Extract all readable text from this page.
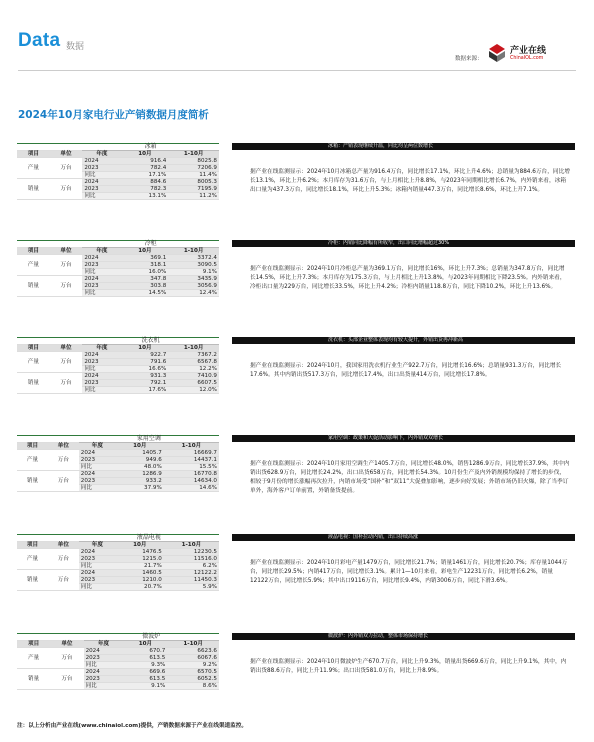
Data 数据
数据来源：
产业在线
ChinaIOL.com
2024年10月家电行业产销数据月度简析
		冰箱		
项目	单位	年度	10月	1-10月
产量	万台	2024	916.4	8025.8
		2023	782.4	7206.9
		同比	17.1%	11.4%
销量	万台	2024	884.6	8005.3
		2023	782.3	7195.9
		同比	13.1%	11.2%
冰箱：产销表现继续升温，同比均呈两位数增长
据产业在线监测显示：2024年10月冰箱总产量为916.4万台，同比增长17.1%，环比上升4.6%；总销量为884.6万台，同比增长13.1%，环比上升6.2%；本月库存为31.6万台，与上月相比上升8.8%，与2023年同期相比增长6.7%，内外销来看，冰箱出口量为437.3万台，同比增长18.1%，环比上升5.3%；冰箱内销量447.3万台，同比增长8.6%，环比上升7.1%。
		冷柜		
项目	单位	年度	10月	1-10月
产量	万台	2024	369.1	3372.4
		2023	318.1	3090.5
		同比	16.0%	9.1%
销量	万台	2024	347.8	3435.9
		2023	303.8	3056.9
		同比	14.5%	12.4%
冷柜：内销同比降幅有所收窄，出口同比增幅超过30%
据产业在线监测显示：2024年10月冷柜总产量为369.1万台，同比增长16%，环比上升7.3%；总销量为347.8万台，同比增长14.5%，环比上升7.3%；本月库存为175.3万台，与上月相比上升13.8%，与2023年同期相比下降23.5%。内外销来看，冷柜出口量为229万台，同比增长33.5%，环比上升4.2%；冷柜内销量118.8万台，同比下降10.2%，环比上升13.6%。
		洗衣机		
项目	单位	年度	10月	1-10月
产量	万台	2024	922.7	7367.2
		2023	791.6	6567.8
		同比	16.6%	12.2%
销量	万台	2024	931.3	7410.9
		2023	792.1	6607.5
		同比	17.6%	12.0%
洗衣机：头部企业整体表现均有较大提升，外销出货再冲新高
据产业在线监测显示：2024年10月，我国家用洗衣机行业生产922.7万台，同比增长16.6%；总销量931.3万台，同比增长17.6%。其中内销出货517.3万台，同比增长17.4%，出口出货量414万台，同比增长17.8%。
		家用空调		
项目	单位	年度	10月	1-10月
产量	万台	2024	1405.7	16669.7
		2023	949.6	14437.1
		同比	48.0%	15.5%
销量	万台	2024	1286.9	16770.8
		2023	933.2	14634.0
		同比	37.9%	14.6%
家用空调：政策和大促活动影响下，内外销双双增长
据产业在线监测显示：2024年10月家用空调生产1405.7万台，同比增长48.0%，销售1286.9万台，同比增长37.9%，其中内销出货628.9万台，同比增长24.2%，出口出货658万台，同比增长54.3%。10月份生产及内外销规模均保持了增长的步伐，相较于9月份的增长涨幅再次拉升，内销市场受“国补”和“双11”大促叠加影响，逐步向好发展；外销市场仍旧火爆，除了当季订单外，海外客户订单前置，外销备货提前。
		液晶电视		
项目	单位	年度	10月	1-10月
产量	万台	2024	1476.5	12230.5
		2023	1215.0	11516.0
		同比	21.7%	6.2%
销量	万台	2024	1460.5	12122.2
		2023	1210.0	11450.3
		同比	20.7%	5.9%
液晶电视：国补拉动内销，出口持续高涨
据产业在线监测显示：2024年10月彩电产量1479万台，同比增长21.7%；销量1461万台，同比增长20.7%；库存量1044万台，同比增长29.5%；内销417万台，同比增长3.1%。累计1—10月来看，彩电生产12231万台，同比增长6.2%，销量12122万台，同比增长5.9%；其中出口9116万台，同比增长9.4%，内销3006万台，同比下滑3.6%。
		微波炉		
项目	单位	年度	10月	1-10月
产量	万台	2024	670.7	6623.6
		2023	613.5	6067.6
		同比	9.3%	9.2%
销量	万台	2024	669.6	6570.5
		2023	613.5	6052.5
		同比	9.1%	8.6%
微波炉：内外销双力拉动，整体市场保持增长
据产业在线监测显示：2024年10月微波炉生产670.7万台，同比上升9.3%，销量出货669.6万台，同比上升9.1%，其中，内销出货88.6万台，同比上升11.9%；出口出货581.0万台，同比上升8.9%。
注：以上分析由产业在线(www.chinaiol.com)提供，产销数据来源于产业在线渠道监控。
